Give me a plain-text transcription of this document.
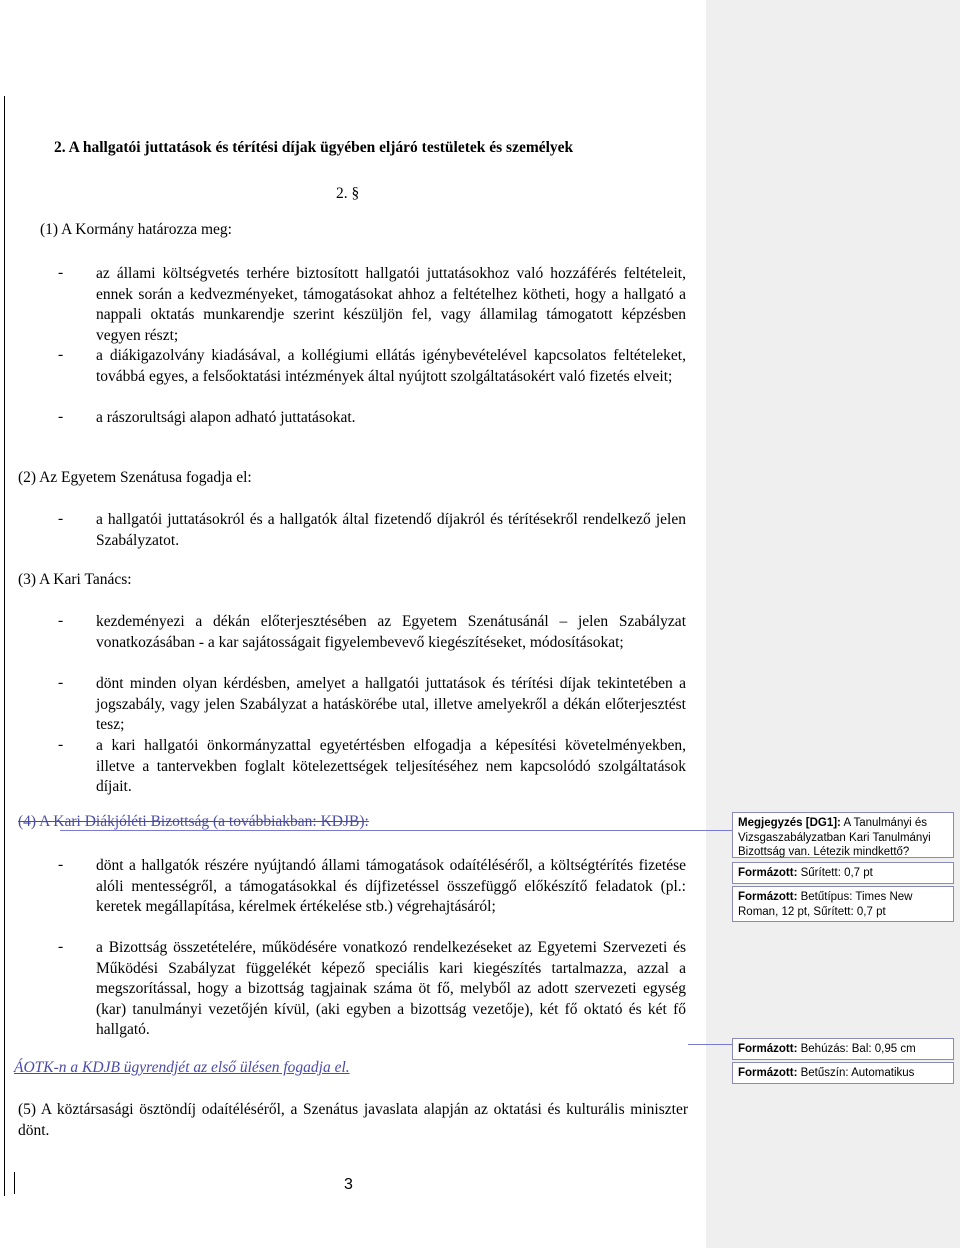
2. A hallgatói juttatások és térítési díjak ügyében eljáró testületek és személyek
2. §
(1) A Kormány határozza meg:
- az állami költségvetés terhére biztosított hallgatói juttatásokhoz való hozzáférés feltételeit, ennek során a kedvezményeket, támogatásokat ahhoz a feltételhez kötheti, hogy a hallgató a nappali oktatás munkarendje szerint készüljön fel, vagy államilag támogatott képzésben vegyen részt;
- a diákigazolvány kiadásával, a kollégiumi ellátás igénybevételével kapcsolatos feltételeket, továbbá egyes, a felsőoktatási intézmények által nyújtott szolgáltatásokért való fizetés elveit;
- a rászorultsági alapon adható juttatásokat.
(2) Az Egyetem Szenátusa fogadja el:
- a hallgatói juttatásokról és a hallgatók által fizetendő díjakról és térítésekről rendelkező jelen Szabályzatot.
(3) A Kari Tanács:
- kezdeményezi a dékán előterjesztésében az Egyetem Szenátusánál – jelen Szabályzat vonatkozásában - a kar sajátosságait figyelembevevő kiegészítéseket, módosításokat;
- dönt minden olyan kérdésben, amelyet a hallgatói juttatások és térítési díjak tekintetében a jogszabály, vagy jelen Szabályzat a hatáskörébe utal, illetve amelyekről a dékán előterjesztést tesz;
- a kari hallgatói önkormányzattal egyetértésben elfogadja a képesítési követelményekben, illetve a tantervekben foglalt kötelezettségek teljesítéséhez nem kapcsolódó szolgáltatások díjait.
(4) A Kari Diákjóléti Bizottság (a továbbiakban: KDJB):
- dönt a hallgatók részére nyújtandó állami támogatások odaítéléséről, a költségtérítés fizetése alóli mentességről, a támogatásokkal és díjfizetéssel összefüggő előkészítő feladatok (pl.: keretek megállapítása, kérelmek értékelése stb.) végrehajtásáról;
- a Bizottság összetételére, működésére vonatkozó rendelkezéseket az Egyetemi Szervezeti és Működési Szabályzat függelékét képező speciális kari kiegészítés tartalmazza, azzal a megszorítással, hogy a bizottság tagjainak száma öt fő, melyből az adott szervezeti egység (kar) tanulmányi vezetőjén kívül, (aki egyben a bizottság vezetője), két fő oktató és két fő hallgató.
ÁOTK-n a KDJB ügyrendjét az első ülésen fogadja el.
(5) A köztársasági ösztöndíj odaítéléséről, a Szenátus javaslata alapján az oktatási és kulturális miniszter dönt.
3
Megjegyzés [DG1]: A Tanulmányi és Vizsgaszabályzatban Kari Tanulmányi Bizottság van. Létezik mindkettő?
Formázott: Sűrített: 0,7 pt
Formázott: Betűtípus: Times New Roman, 12 pt, Sűrített: 0,7 pt
Formázott: Behúzás: Bal: 0,95 cm
Formázott: Betűszín: Automatikus
